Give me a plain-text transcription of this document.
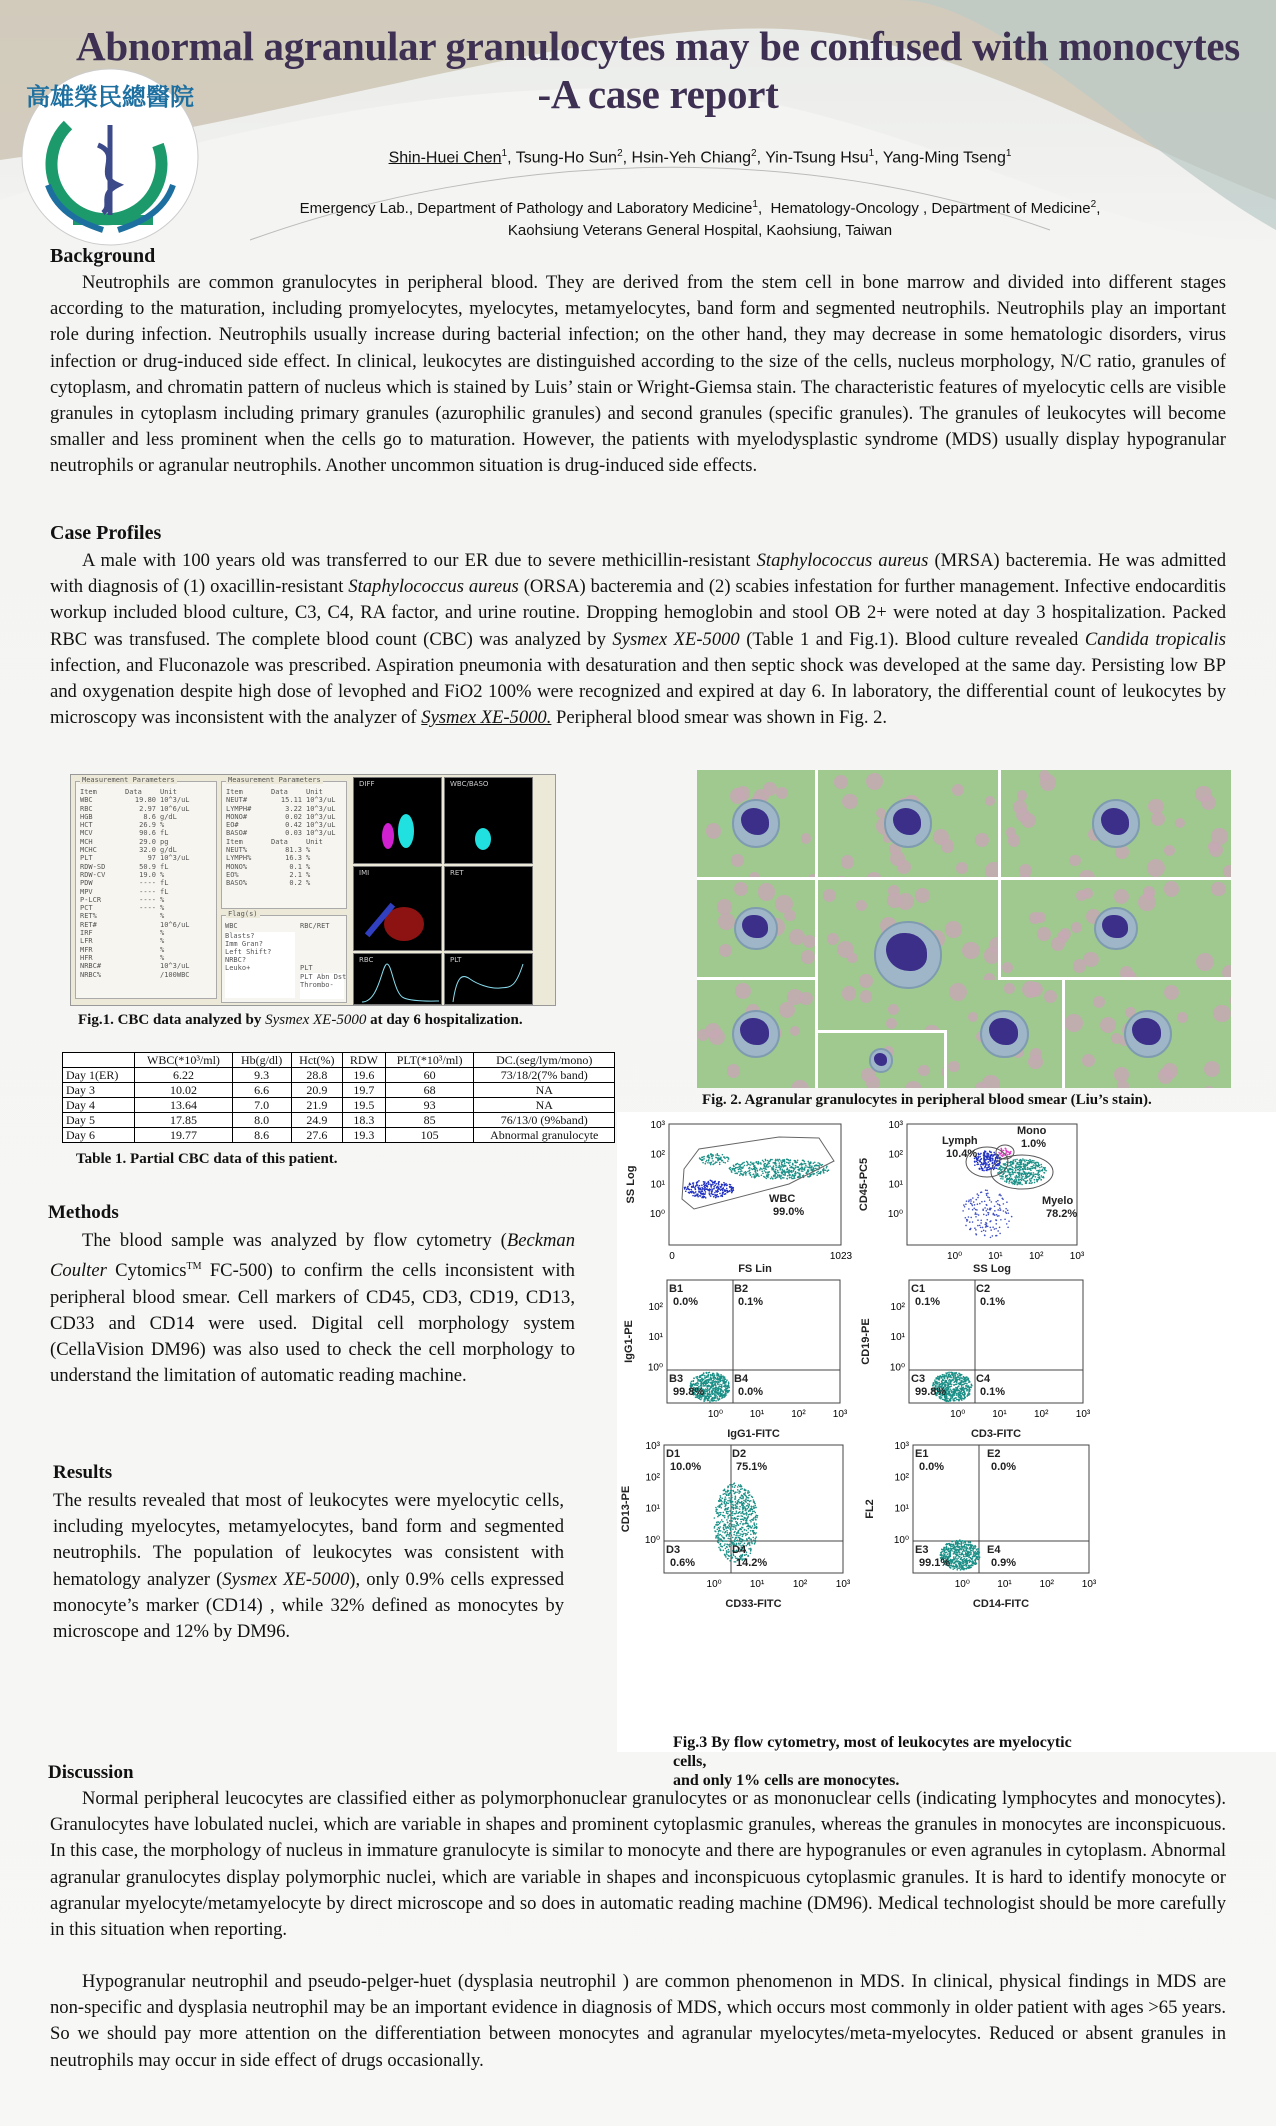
高雄榮民總醫院
Abnormal agranular granulocytes may be confused with monocytes
-A case report
Shin-Huei Chen$^1$, Tsung-Ho Sun$^2$, Hsin-Yeh Chiang$^2$, Yin-Tsung Hsu$^1$, Yang-Ming Tseng$^1$
Emergency Lab., Department of Pathology and Laboratory Medicine$^1$,  Hematology-Oncology , Department of Medicine$^2$,
Kaohsiung Veterans General Hospital, Kaohsiung, Taiwan
Background
Neutrophils are common granulocytes in peripheral blood. They are derived from the stem cell in bone marrow and divided into different stages according to the maturation, including promyelocytes, myelocytes, metamyelocytes, band form and segmented neutrophils. Neutrophils play an important role during infection. Neutrophils usually increase during bacterial infection; on the other hand, they may decrease in some hematologic disorders, virus infection or drug-induced side effect. In clinical, leukocytes are distinguished according to the size of the cells, nucleus morphology, N/C ratio, granules of cytoplasm, and chromatin pattern of nucleus which is stained by Luis’ stain or Wright-Giemsa stain. The characteristic features of myelocytic cells are visible granules in cytoplasm including primary granules (azurophilic granules) and second granules (specific granules). The granules of leukocytes will become smaller and less prominent when the cells go to maturation. However, the patients with myelodysplastic syndrome (MDS) usually display hypogranular neutrophils or agranular neutrophils. Another uncommon situation is drug-induced side effects.
Case Profiles
A male with 100 years old was transferred to our ER due to severe methicillin-resistant Staphylococcus aureus (MRSA) bacteremia. He was admitted with diagnosis of (1) oxacillin-resistant Staphylococcus aureus (ORSA) bacteremia and (2) scabies infestation for further management. Infective endocarditis workup included blood culture, C3, C4, RA factor, and urine routine. Dropping hemoglobin and stool OB 2+ were noted at day 3 hospitalization. Packed RBC was transfused. The complete blood count (CBC) was analyzed by Sysmex XE-5000 (Table 1 and Fig.1). Blood culture revealed Candida tropicalis infection, and Fluconazole was prescribed. Aspiration pneumonia with desaturation and then septic shock was developed at the same day. Persisting low BP and oxygenation despite high dose of levophed and FiO2 100% were recognized and expired at day 6. In laboratory, the differential count of leukocytes by microscopy was inconsistent with the analyzer of Sysmex XE-5000. Peripheral blood smear was shown in Fig. 2.
Measurement Parameters
Item	Data	Unit
WBC	19.80 10^3/uL
RBC	2.97 10^6/uL
HGB	8.6 g/dL
HCT	26.9 %
MCV	90.6 fL
MCH	29.0 pg
MCHC	32.0 g/dL
PLT	97 10^3/uL
RDW-SD	50.9 fL
RDW-CV	19.0 %
PDW	---- fL
MPV	---- fL
P-LCR	---- %
PCT	---- %
RET%	%
RET#	10^6/uL
IRF	%
LFR	%
MFR	%
HFR	%
NRBC#	10^3/uL
NRBC%	/100WBC
Measurement Parameters
Item	Data	Unit
NEUT#	15.11 10^3/uL
LYMPH#	3.22 10^3/uL
MONO#	0.02 10^3/uL
EO#	0.42 10^3/uL
BASO#	0.03 10^3/uL
Item	Data	Unit
NEUT%	81.3 %
LYMPH%	16.3 %
MONO%	0.1 %
EO%	2.1 %
BASO%	0.2 %
Flag(s)
WBC
Blasts?
Imm Gran?
Left Shift?
NRBC?
Leuko+
RBC/RET
PLT
PLT Abn Dst
Thrombo-
DIFF	WBC/BASO
IMI	RET
RBC	PLT
Fig.1. CBC data analyzed by Sysmex XE-5000 at day 6 hospitalization.
	WBC(*10³/ml)	Hb(g/dl)	Hct(%)	RDW	PLT(*10³/ml)	DC.(seg/lym/mono)
Day 1(ER)	6.22	9.3	28.8	19.6	60	73/18/2(7% band)
Day 3	10.02	6.6	20.9	19.7	68	NA
Day 4	13.64	7.0	21.9	19.5	93	NA
Day 5	17.85	8.0	24.9	18.3	85	76/13/0 (9%band)
Day 6	19.77	8.6	27.6	19.3	105	Abnormal granulocyte
Table 1. Partial CBC data of this patient.
Fig. 2. Agranular granulocytes in peripheral blood smear (Liu’s stain).
FS Lin
SS Log
0	1023
10³
10²
10¹
10⁰
WBC
99.0%
SS Log
CD45-PC5
10⁰	10¹	10²	10³
10³
10²
10¹
10⁰
Lymph
10.4%
Mono
1.0%
Myelo
78.2%
IgG1-FITC
IgG1-PE
10⁰	10¹	10²	10³
10²
10¹
10⁰
B1
0.0%
B2
0.1%
B3
99.8%
B4
0.0%
CD3-FITC
CD19-PE
10⁰	10¹	10²	10³
10²
10¹
10⁰
C1
0.1%
C2
0.1%
C3
99.8%
C4
0.1%
CD33-FITC
CD13-PE
10⁰	10¹	10²	10³
10³
10²
10¹
10⁰
D1
10.0%
D2
75.1%
D3
0.6%
D4
14.2%
CD14-FITC
FL2
10⁰	10¹	10²	10³
10³
10²
10¹
10⁰
E1
0.0%
E2
0.0%
E3
99.1%
E4
0.9%
Fig.3 By flow cytometry, most of leukocytes are myelocytic
cells,
and only 1% cells are monocytes.
Methods
The blood sample was analyzed by flow cytometry (Beckman Coulter Cytomics™ FC-500) to confirm the cells inconsistent with peripheral blood smear. Cell markers of CD45, CD3, CD19, CD13, CD33 and CD14 were used. Digital cell morphology system (CellaVision DM96) was also used to check the cell morphology to understand the limitation of automatic reading machine.
Results
The results revealed that most of leukocytes were myelocytic cells, including myelocytes, metamyelocytes, band form and segmented neutrophils. The population of leukocytes was consistent with hematology analyzer (Sysmex XE-5000), only 0.9% cells expressed monocyte’s marker (CD14) , while 32% defined as monocytes by microscope and 12% by DM96.
Discussion
Normal peripheral leucocytes are classified either as polymorphonuclear granulocytes or as mononuclear cells (indicating lymphocytes and monocytes). Granulocytes have lobulated nuclei, which are variable in shapes and prominent cytoplasmic granules, whereas the granules in monocytes are inconspicuous. In this case, the morphology of nucleus in immature granulocyte is similar to monocyte and there are hypogranules or even agranules in cytoplasm. Abnormal agranular granulocytes display polymorphic nuclei, which are variable in shapes and inconspicuous cytoplasmic granules. It is hard to identify monocyte or agranular myelocyte/metamyelocyte by direct microscope and so does in automatic reading machine (DM96). Medical technologist should be more carefully in this situation when reporting.
Hypogranular neutrophil and pseudo-pelger-huet (dysplasia neutrophil ) are common phenomenon in MDS. In clinical, physical findings in MDS are non-specific and dysplasia neutrophil may be an important evidence in diagnosis of MDS, which occurs most commonly in older patient with ages >65 years. So we should pay more attention on the differentiation between monocytes and agranular myelocytes/meta-myelocytes. Reduced or absent granules in neutrophils may occur in side effect of drugs occasionally.
